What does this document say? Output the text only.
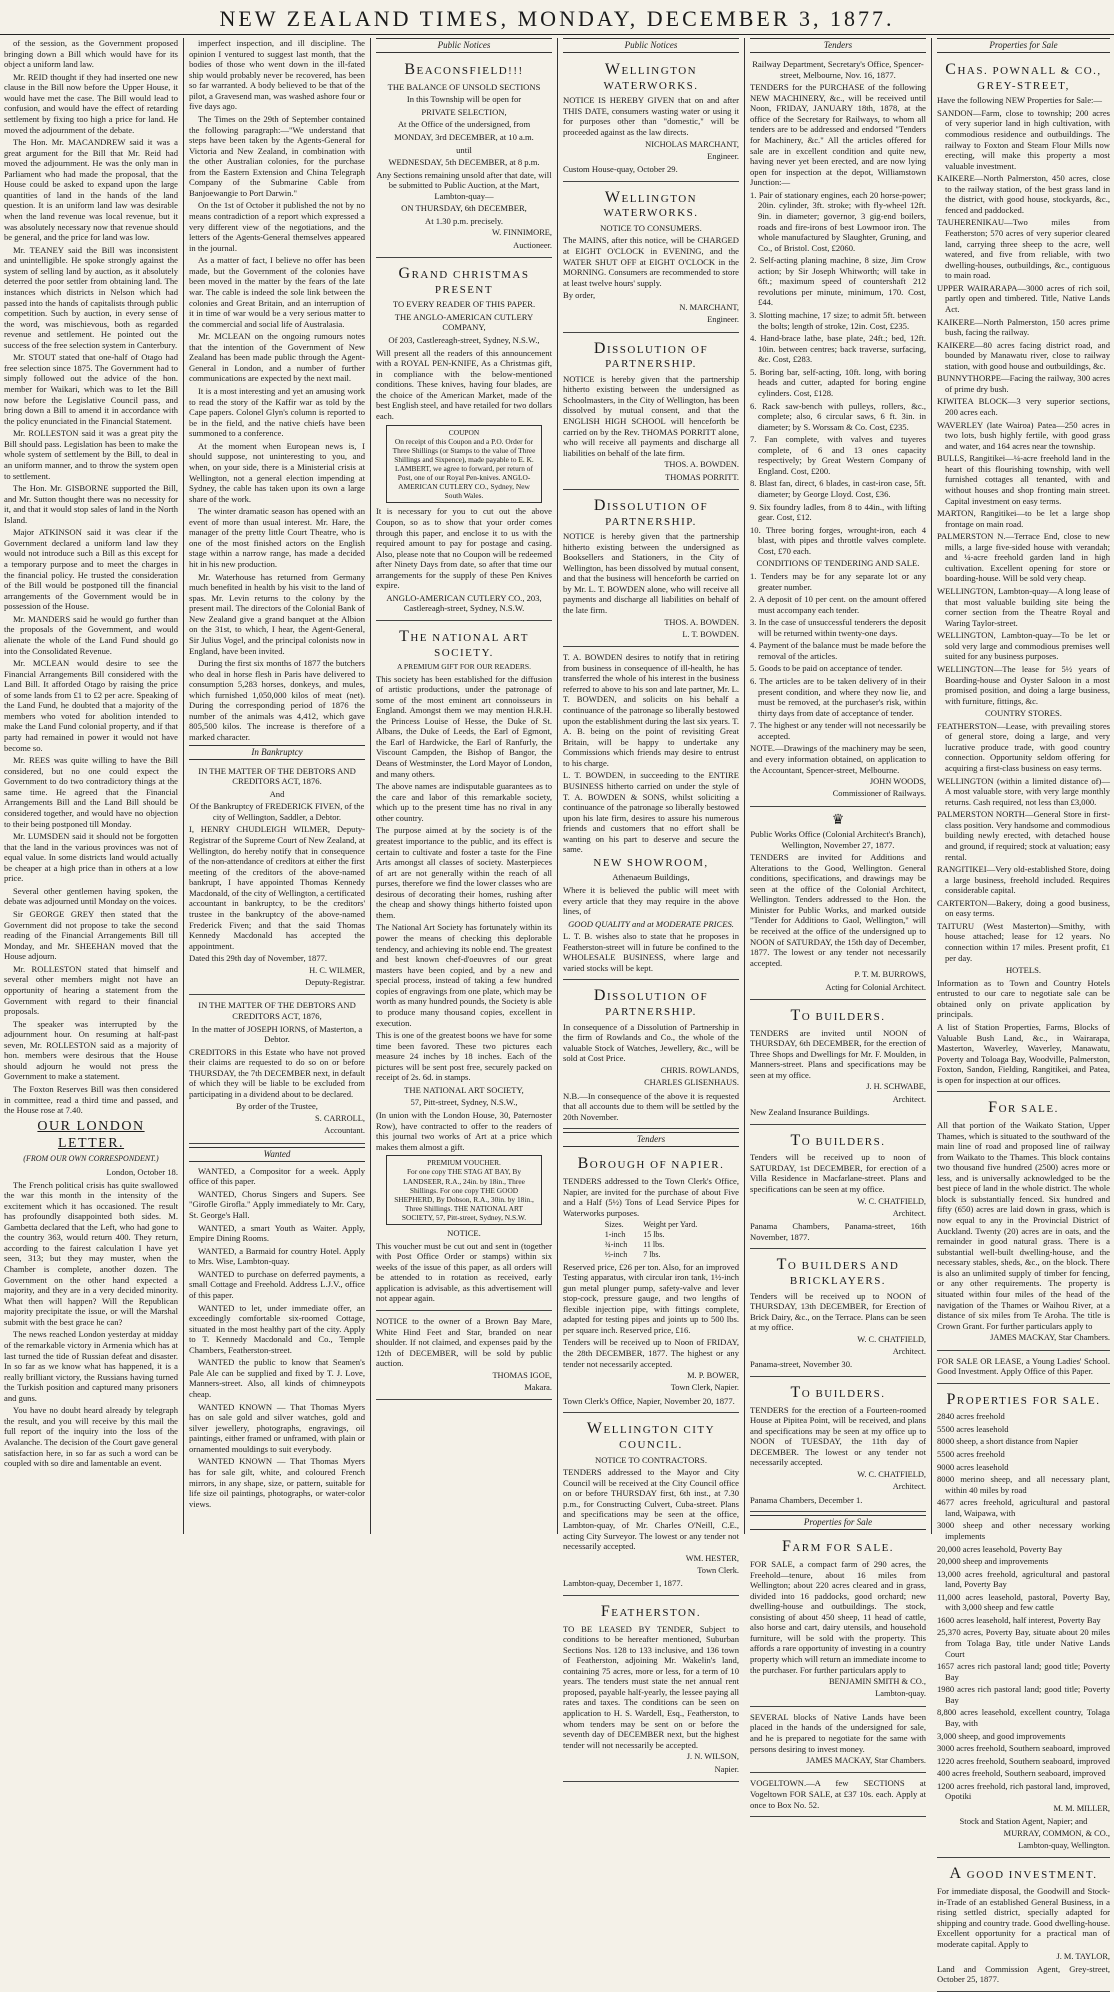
NEW ZEALAND TIMES, MONDAY, DECEMBER 3, 1877.

of the session, as the Government proposed bringing down a Bill which would have for its object a uniform land law.

Mr. REID thought if they had inserted one new clause in the Bill now before the Upper House, it would have met the case. The Bill would lead to confusion, and would have the effect of retarding settlement by fixing too high a price for land. He moved the adjournment of the debate.

The Hon. Mr. MACANDREW said it was a great argument for the Bill that Mr. Reid had moved the adjournment. He was the only man in Parliament who had made the proposal, that the House could be asked to expand upon the large quantities of land in the hands of the land question. It is an uniform land law was desirable when the land revenue was local revenue, but it was absolutely necessary now that revenue should be general, and the price for land was low.

Mr. TEANEY said the Bill was inconsistent and unintelligible. He spoke strongly against the system of selling land by auction, as it absolutely deterred the poor settler from obtaining land. The instances which districts in Nelson which had passed into the hands of capitalists through public competition. Such by auction, in every sense of the word, was mischievous, both as regarded revenue and settlement. He pointed out the success of the free selection system in Canterbury.

Mr. STOUT stated that one-half of Otago had free selection since 1875. The Government had to simply followed out the advice of the hon. member for Waikari, which was to let the Bill now before the Legislative Council pass, and bring down a Bill to amend it in accordance with the policy enunciated in the Financial Statement.

Mr. ROLLESTON said it was a great pity the Bill should pass. Legislation has been to make the whole system of settlement by the Bill, to deal in an uniform manner, and to throw the system open to settlement.

The Hon. Mr. GISBORNE supported the Bill, and Mr. Sutton thought there was no necessity for it, and that it would stop sales of land in the North Island.

Major ATKINSON said it was clear if the Government declared a uniform land law they would not introduce such a Bill as this except for a temporary purpose and to meet the charges in the financial policy. He trusted the consideration of the Bill would be postponed till the financial arrangements of the Government would be in possession of the House.

Mr. MANDERS said he would go further than the proposals of the Government, and would alienate the whole of the Land Fund should go into the Consolidated Revenue.

Mr. MCLEAN would desire to see the Financial Arrangements Bill considered with the Land Bill. It afforded Otago by raising the price of some lands from £1 to £2 per acre. Speaking of the Land Fund, he doubted that a majority of the members who voted for abolition intended to make the Land Fund colonial property, and if that party had remained in power it would not have become so.

Mr. REES was quite willing to have the Bill considered, but no one could expect the Government to do two contradictory things at the same time. He agreed that the Financial Arrangements Bill and the Land Bill should be considered together, and would have no objection to their being postponed till Monday.

Mr. LUMSDEN said it should not be forgotten that the land in the various provinces was not of equal value. In some districts land would actually be cheaper at a high price than in others at a low price.

Several other gentlemen having spoken, the debate was adjourned until Monday on the voices.

Sir GEORGE GREY then stated that the Government did not propose to take the second reading of the Financial Arrangements Bill till Monday, and Mr. SHEEHAN moved that the House adjourn.

Mr. ROLLESTON stated that himself and several other members might not have an opportunity of hearing a statement from the Government with regard to their financial proposals.

The speaker was interrupted by the adjournment hour. On resuming at half-past seven, Mr. ROLLESTON said as a majority of hon. members were desirous that the House should adjourn he would not press the Government to make a statement.

The Foxton Reserves Bill was then considered in committee, read a third time and passed, and the House rose at 7.40.

OUR LONDON LETTER.
(FROM OUR OWN CORRESPONDENT.)

London, October 18.

The French political crisis has quite swallowed the war this month in the intensity of the excitement which it has occasioned. The result has profoundly disappointed both sides. M. Gambetta declared that the Left, who had gone to the country 363, would return 400. They return, according to the fairest calculation I have yet seen, 313; but they may muster, when the Chamber is complete, another dozen. The Government on the other hand expected a majority, and they are in a very decided minority. What then will happen? Will the Republican majority precipitate the issue, or will the Marshal submit with the best grace he can?

The news reached London yesterday at midday of the remarkable victory in Armenia which has at last turned the tide of Russian defeat and disaster. In so far as we know what has happened, it is a really brilliant victory, the Russians having turned the Turkish position and captured many prisoners and guns.

You have no doubt heard already by telegraph the result, and you will receive by this mail the full report of the inquiry into the loss of the Avalanche. The decision of the Court gave general satisfaction here, in so far as such a word can be coupled with so dire and lamentable an event.

imperfect inspection, and ill discipline. The opinion I ventured to suggest last month, that the bodies of those who went down in the ill-fated ship would probably never be recovered, has been so far warranted. A body believed to be that of the pilot, a Gravesend man, was washed ashore four or five days ago.

The Times on the 29th of September contained the following paragraph:—"We understand that steps have been taken by the Agents-General for Victoria and New Zealand, in combination with the other Australian colonies, for the purchase from the Eastern Extension and China Telegraph Company of the Submarine Cable from Banjoewangie to Port Darwin."

On the 1st of October it published the not by no means contradiction of a report which expressed a very different view of the negotiations, and the letters of the Agents-General themselves appeared in the journal.

As a matter of fact, I believe no offer has been made, but the Government of the colonies have been moved in the matter by the fears of the late war. The cable is indeed the sole link between the colonies and Great Britain, and an interruption of it in time of war would be a very serious matter to the commercial and social life of Australasia.

Mr. MCLEAN on the ongoing rumours notes that the intention of the Government of New Zealand has been made public through the Agent-General in London, and a number of further communications are expected by the next mail.

It is a most interesting and yet an amusing work to read the story of the Kaffir war as told by the Cape papers. Colonel Glyn's column is reported to be in the field, and the native chiefs have been summoned to a conference.

At the moment when European news is, I should suppose, not uninteresting to you, and when, on your side, there is a Ministerial crisis at Wellington, not a general election impending at Sydney, the cable has taken upon its own a large share of the work.

The winter dramatic season has opened with an event of more than usual interest. Mr. Hare, the manager of the pretty little Court Theatre, who is one of the most finished actors on the English stage within a narrow range, has made a decided hit in his new production.

Mr. Waterhouse has returned from Germany much benefited in health by his visit to the land of spas. Mr. Levin returns to the colony by the present mail. The directors of the Colonial Bank of New Zealand give a grand banquet at the Albion on the 31st, to which, I hear, the Agent-General, Sir Julius Vogel, and the principal colonists now in England, have been invited.

During the first six months of 1877 the butchers who deal in horse flesh in Paris have delivered to consumption 5,283 horses, donkeys, and mules, which furnished 1,050,000 kilos of meat (net). During the corresponding period of 1876 the number of the animals was 4,412, which gave 805,500 kilos. The increase is therefore of a marked character.

In Bankruptcy

IN THE MATTER OF THE DEBTORS AND CREDITORS ACT, 1876.

And

Of the Bankruptcy of FREDERICK FIVEN, of the city of Wellington, Saddler, a Debtor.

I, HENRY CHUDLEIGH WILMER, Deputy-Registrar of the Supreme Court of New Zealand, at Wellington, do hereby notify that in consequence of the non-attendance of creditors at either the first meeting of the creditors of the above-named bankrupt, I have appointed Thomas Kennedy Macdonald, of the city of Wellington, a certificated accountant in bankruptcy, to be the creditors' trustee in the bankruptcy of the above-named Frederick Fiven; and that the said Thomas Kennedy Macdonald has accepted the appointment.

Dated this 29th day of November, 1877.

H. C. WILMER,

Deputy-Registrar.

IN THE MATTER OF THE DEBTORS AND CREDITORS ACT, 1876,

In the matter of JOSEPH IORNS, of Masterton, a Debtor.

CREDITORS in this Estate who have not proved their claims are requested to do so on or before THURSDAY, the 7th DECEMBER next, in default of which they will be liable to be excluded from participating in a dividend about to be declared.

By order of the Trustee,

S. CARROLL,

Accountant.

Wanted

WANTED, a Compositor for a week. Apply office of this paper.

WANTED, Chorus Singers and Supers. See "Girofle Girofla." Apply immediately to Mr. Cary, St. George's Hall.

WANTED, a smart Youth as Waiter. Apply, Empire Dining Rooms.

WANTED, a Barmaid for country Hotel. Apply to Mrs. Wise, Lambton-quay.

WANTED to purchase on deferred payments, a small Cottage and Freehold. Address L.J.V., office of this paper.

WANTED to let, under immediate offer, an exceedingly comfortable six-roomed Cottage, situated in the most healthy part of the city. Apply to T. Kennedy Macdonald and Co., Temple Chambers, Featherston-street.

WANTED the public to know that Seamen's Pale Ale can be supplied and fixed by T. J. Love, Manners-street. Also, all kinds of chimneypots cheap.

WANTED KNOWN — That Thomas Myers has on sale gold and silver watches, gold and silver jewellery, photographs, engravings, oil paintings, either framed or unframed, with plain or ornamented mouldings to suit everybody.

WANTED KNOWN — That Thomas Myers has for sale gilt, white, and coloured French mirrors, in any shape, size, or pattern, suitable for life size oil paintings, photographs, or water-color views.

Public Notices
BEACONSFIELD!!!

THE BALANCE OF UNSOLD SECTIONS

In this Township will be open for

PRIVATE SELECTION,

At the Office of the undersigned, from

MONDAY, 3rd DECEMBER, at 10 a.m.

until

WEDNESDAY, 5th DECEMBER, at 8 p.m.

Any Sections remaining unsold after that date, will be submitted to Public Auction, at the Mart, Lambton-quay—

ON THURSDAY, 6th DECEMBER,

At 1.30 p.m. precisely.

W. FINNIMORE,

Auctioneer.

GRAND CHRISTMAS PRESENT

TO EVERY READER OF THIS PAPER.

THE ANGLO-AMERICAN CUTLERY COMPANY,

Of 203, Castlereagh-street, Sydney, N.S.W.,

Will present all the readers of this announcement with a ROYAL PEN-KNIFE, As a Christmas gift, in compliance with the below-mentioned conditions. These knives, having four blades, are the choice of the American Market, made of the best English steel, and have retailed for two dollars each.

COUPON
On receipt of this Coupon and a P.O. Order for Three Shillings (or Stamps to the value of Three Shillings and Sixpence), made payable to E. K. LAMBERT, we agree to forward, per return of Post, one of our Royal Pen-knives. ANGLO-AMERICAN CUTLERY CO., Sydney, New South Wales.

It is necessary for you to cut out the above Coupon, so as to show that your order comes through this paper, and enclose it to us with the required amount to pay for postage and casing. Also, please note that no Coupon will be redeemed after Ninety Days from date, so after that time our arrangements for the supply of these Pen Knives expire.

ANGLO-AMERICAN CUTLERY CO., 203, Castlereagh-street, Sydney, N.S.W.

THE NATIONAL ART SOCIETY.

A PREMIUM GIFT FOR OUR READERS.

This society has been established for the diffusion of artistic productions, under the patronage of some of the most eminent art connoisseurs in England. Amongst them we may mention H.R.H. the Princess Louise of Hesse, the Duke of St. Albans, the Duke of Leeds, the Earl of Egmont, the Earl of Hardwicke, the Earl of Ranfurly, the Viscount Campden, the Bishop of Bangor, the Deans of Westminster, the Lord Mayor of London, and many others.

The above names are indisputable guarantees as to the care and labor of this remarkable society, which up to the present time has no rival in any other country.

The purpose aimed at by the society is of the greatest importance to the public, and its effect is certain to cultivate and foster a taste for the Fine Arts amongst all classes of society. Masterpieces of art are not generally within the reach of all purses, therefore we find the lower classes who are desirous of decorating their homes, rushing after the cheap and showy things hitherto foisted upon them.

The National Art Society has fortunately within its power the means of checking this deplorable tendency, and achieving its noble end. The greatest and best known chef-d'oeuvres of our great masters have been copied, and by a new and special process, instead of taking a few hundred copies of engravings from one plate, which may be worth as many hundred pounds, the Society is able to produce many thousand copies, excellent in execution.

This is one of the greatest boons we have for some time been favored. These two pictures each measure 24 inches by 18 inches. Each of the pictures will be sent post free, securely packed on receipt of 2s. 6d. in stamps.

THE NATIONAL ART SOCIETY,

57, Pitt-street, Sydney, N.S.W.,

(In union with the London House, 30, Paternoster Row), have contracted to offer to the readers of this journal two works of Art at a price which makes them almost a gift.

PREMIUM VOUCHER.
For one copy THE STAG AT BAY, By LANDSEER, R.A., 24in. by 18in., Three Shillings. For one copy THE GOOD SHEPHERD, By Dobson, R.A., 30in. by 18in., Three Shillings. THE NATIONAL ART SOCIETY, 57, Pitt-street, Sydney, N.S.W.

NOTICE.

This voucher must be cut out and sent in (together with Post Office Order or stamps) within six weeks of the issue of this paper, as all orders will be attended to in rotation as received, early application is advisable, as this advertisement will not appear again.

NOTICE to the owner of a Brown Bay Mare, White Hind Feet and Star, branded on near shoulder. If not claimed, and expenses paid by the 12th of DECEMBER, will be sold by public auction.

THOMAS IGOE,

Makara.

Public Notices
WELLINGTON WATERWORKS.

NOTICE IS HEREBY GIVEN that on and after THIS DATE, consumers wasting water or using it for purposes other than "domestic," will be proceeded against as the law directs.

NICHOLAS MARCHANT,

Engineer.

Custom House-quay, October 29.

WELLINGTON WATERWORKS.

NOTICE TO CONSUMERS.

The MAINS, after this notice, will be CHARGED at EIGHT O'CLOCK in EVENING, and the WATER SHUT OFF at EIGHT O'CLOCK in the MORNING. Consumers are recommended to store at least twelve hours' supply.

By order,

N. MARCHANT,

Engineer.

DISSOLUTION OF PARTNERSHIP.

NOTICE is hereby given that the partnership hitherto existing between the undersigned as Schoolmasters, in the City of Wellington, has been dissolved by mutual consent, and that the ENGLISH HIGH SCHOOL will henceforth be carried on by the Rev. THOMAS PORRITT alone, who will receive all payments and discharge all liabilities on behalf of the late firm.

THOS. A. BOWDEN.

THOMAS PORRITT.

DISSOLUTION OF PARTNERSHIP.

NOTICE is hereby given that the partnership hitherto existing between the undersigned as Booksellers and Stationers, in the City of Wellington, has been dissolved by mutual consent, and that the business will henceforth be carried on by Mr. L. T. BOWDEN alone, who will receive all payments and discharge all liabilities on behalf of the late firm.

THOS. A. BOWDEN.

L. T. BOWDEN.

T. A. BOWDEN desires to notify that in retiring from business in consequence of ill-health, he has transferred the whole of his interest in the business referred to above to his son and late partner, Mr. L. T. BOWDEN, and solicits on his behalf a continuance of the patronage so liberally bestowed upon the establishment during the last six years. T. A. B. being on the point of revisiting Great Britain, will be happy to undertake any Commissions which friends may desire to entrust to his charge.

L. T. BOWDEN, in succeeding to the ENTIRE BUSINESS hitherto carried on under the style of T. A. BOWDEN & SONS, whilst soliciting a continuance of the patronage so liberally bestowed upon his late firm, desires to assure his numerous friends and customers that no effort shall be wanting on his part to deserve and secure the same.

NEW SHOWROOM,

Athenaeum Buildings,

Where it is believed the public will meet with every article that they may require in the above lines, of

GOOD QUALITY and at MODERATE PRICES.

L. T. B. wishes also to state that he proposes in Featherston-street will in future be confined to the WHOLESALE BUSINESS, where large and varied stocks will be kept.

DISSOLUTION OF PARTNERSHIP.

In consequence of a Dissolution of Partnership in the firm of Rowlands and Co., the whole of the valuable Stock of Watches, Jewellery, &c., will be sold at Cost Price.

CHRIS. ROWLANDS,

CHARLES GLISENHAUS.

N.B.—In consequence of the above it is requested that all accounts due to them will be settled by the 20th November.

Tenders
BOROUGH OF NAPIER.

TENDERS addressed to the Town Clerk's Office, Napier, are invited for the purchase of about Five and a Half (5½) Tons of Lead Service Pipes for Waterworks purposes.

Sizes.	Weight per Yard.
1-inch	15 lbs.
¾-inch	11 lbs.
½-inch	7 lbs.

Reserved price, £26 per ton. Also, for an improved Testing apparatus, with circular iron tank, 1½-inch gun metal plunger pump, safety-valve and lever stop-cock, pressure gauge, and two lengths of flexible injection pipe, with fittings complete, adapted for testing pipes and joints up to 500 lbs. per square inch. Reserved price, £16.

Tenders will be received up to Noon of FRIDAY, the 28th DECEMBER, 1877. The highest or any tender not necessarily accepted.

M. P. BOWER,

Town Clerk, Napier.

Town Clerk's Office, Napier, November 20, 1877.

WELLINGTON CITY COUNCIL.

NOTICE TO CONTRACTORS.

TENDERS addressed to the Mayor and City Council will be received at the City Council office on or before THURSDAY first, 6th inst., at 7.30 p.m., for Constructing Culvert, Cuba-street. Plans and specifications may be seen at the office, Lambton-quay, of Mr. Charles O'Neill, C.E., acting City Surveyor. The lowest or any tender not necessarily accepted.

WM. HESTER,

Town Clerk.

Lambton-quay, December 1, 1877.

FEATHERSTON.

TO BE LEASED BY TENDER, Subject to conditions to be hereafter mentioned, Suburban Sections Nos. 128 to 133 inclusive, and 136 town of Featherston, adjoining Mr. Wakelin's land, containing 75 acres, more or less, for a term of 10 years. The tenders must state the net annual rent proposed, payable half-yearly, the lessee paying all rates and taxes. The conditions can be seen on application to H. S. Wardell, Esq., Featherston, to whom tenders may be sent on or before the seventh day of DECEMBER next, but the highest tender will not necessarily be accepted.

J. N. WILSON,

Napier.

Tenders

Railway Department, Secretary's Office, Spencer-street, Melbourne, Nov. 16, 1877.

TENDERS for the PURCHASE of the following NEW MACHINERY, &c., will be received until Noon, FRIDAY, JANUARY 18th, 1878, at the office of the Secretary for Railways, to whom all tenders are to be addressed and endorsed "Tenders for Machinery, &c." All the articles offered for sale are in excellent condition and quite new, having never yet been erected, and are now lying open for inspection at the depot, Williamstown Junction:—

1. Pair of stationary engines, each 20 horse-power; 20in. cylinder, 3ft. stroke; with fly-wheel 12ft. 9in. in diameter; governor, 3 gig-end boilers, roads and fire-irons of best Lowmoor iron. The whole manufactured by Slaughter, Gruning, and Co., of Bristol. Cost, £2060.

2. Self-acting planing machine, 8 size, Jim Crow action; by Sir Joseph Whitworth; will take in 6ft.; maximum speed of countershaft 212 revolutions per minute, minimum, 170. Cost, £44.

3. Slotting machine, 17 size; to admit 5ft. between the bolts; length of stroke, 12in. Cost, £235.

4. Hand-brace lathe, base plate, 24ft.; bed, 12ft. 10in. between centres; back traverse, surfacing, &c. Cost, £283.

5. Boring bar, self-acting, 10ft. long, with boring heads and cutter, adapted for boring engine cylinders. Cost, £128.

6. Rack saw-bench with pulleys, rollers, &c., complete; also, 6 circular saws, 6 ft. 3in. in diameter; by S. Worssam & Co. Cost, £235.

7. Fan complete, with valves and tuyeres complete, of 6 and 13 ones capacity respectively; by Great Western Company of England. Cost, £200.

8. Blast fan, direct, 6 blades, in cast-iron case, 5ft. diameter; by George Lloyd. Cost, £36.

9. Six foundry ladles, from 8 to 44in., with lifting gear. Cost, £12.

10. Three boring forges, wrought-iron, each 4 blast, with pipes and throttle valves complete. Cost, £70 each.

CONDITIONS OF TENDERING AND SALE.

1. Tenders may be for any separate lot or any greater number.

2. A deposit of 10 per cent. on the amount offered must accompany each tender.

3. In the case of unsuccessful tenderers the deposit will be returned within twenty-one days.

4. Payment of the balance must be made before the removal of the articles.

5. Goods to be paid on acceptance of tender.

6. The articles are to be taken delivery of in their present condition, and where they now lie, and must be removed, at the purchaser's risk, within thirty days from date of acceptance of tender.

7. The highest or any tender will not necessarily be accepted.

NOTE.—Drawings of the machinery may be seen, and every information obtained, on application to the Accountant, Spencer-street, Melbourne.

JOHN WOODS,

Commissioner of Railways.

♛

Public Works Office (Colonial Architect's Branch), Wellington, November 27, 1877.

TENDERS are invited for Additions and Alterations to the Good, Wellington. General conditions, specifications, and drawings may be seen at the office of the Colonial Architect, Wellington. Tenders addressed to the Hon. the Minister for Public Works, and marked outside "Tender for Additions to Gaol, Wellington," will be received at the office of the undersigned up to NOON of SATURDAY, the 15th day of December, 1877. The lowest or any tender not necessarily accepted.

P. T. M. BURROWS,

Acting for Colonial Architect.

TO BUILDERS.

TENDERS are invited until NOON of THURSDAY, 6th DECEMBER, for the erection of Three Shops and Dwellings for Mr. F. Moulden, in Manners-street. Plans and specifications may be seen at my office.

J. H. SCHWABE,

Architect.

New Zealand Insurance Buildings.

TO BUILDERS.

Tenders will be received up to noon of SATURDAY, 1st DECEMBER, for erection of a Villa Residence in Macfarlane-street. Plans and specifications can be seen at my office.

W. C. CHATFIELD,

Architect.

Panama Chambers, Panama-street, 16th November, 1877.

TO BUILDERS AND BRICKLAYERS.

Tenders will be received up to NOON of THURSDAY, 13th DECEMBER, for Erection of Brick Dairy, &c., on the Terrace. Plans can be seen at my office.

W. C. CHATFIELD,

Architect.

Panama-street, November 30.

TO BUILDERS.

TENDERS for the erection of a Fourteen-roomed House at Pipitea Point, will be received, and plans and specifications may be seen at my office up to NOON of TUESDAY, the 11th day of DECEMBER. The lowest or any tender not necessarily accepted.

W. C. CHATFIELD,

Architect.

Panama Chambers, December 1.

Properties for Sale
FARM FOR SALE.

FOR SALE, a compact farm of 290 acres, the Freehold—tenure, about 16 miles from Wellington; about 220 acres cleared and in grass, divided into 16 paddocks, good orchard; new dwelling-house and outbuildings. The stock, consisting of about 450 sheep, 11 head of cattle, also horse and cart, dairy utensils, and household furniture, will be sold with the property. This affords a rare opportunity of investing in a country property which will return an immediate income to the purchaser. For further particulars apply to

BENJAMIN SMITH & CO.,

Lambton-quay.

SEVERAL blocks of Native Lands have been placed in the hands of the undersigned for sale, and he is prepared to negotiate for the same with persons desiring to invest money.

JAMES MACKAY, Star Chambers.

VOGELTOWN.—A few SECTIONS at Vogeltown FOR SALE, at £37 10s. each. Apply at once to Box No. 52.

Properties for Sale
CHAS. POWNALL & CO., GREY-STREET,

Have the following NEW Properties for Sale:—

SANDON—Farm, close to township; 200 acres of very superior land in high cultivation, with commodious residence and outbuildings. The railway to Foxton and Steam Flour Mills now erecting, will make this property a most valuable investment.

KAIKERE—North Palmerston, 450 acres, close to the railway station, of the best grass land in the district, with good house, stockyards, &c., fenced and paddocked.

TAUHERENIKAU—Two miles from Featherston; 570 acres of very superior cleared land, carrying three sheep to the acre, well watered, and five from reliable, with two dwelling-houses, outbuildings, &c., contiguous to main road.

UPPER WAIRARAPA—3000 acres of rich soil, partly open and timbered. Title, Native Lands Act.

KAIKERE—North Palmerston, 150 acres prime bush, facing the railway.

KAIKERE—80 acres facing district road, and bounded by Manawatu river, close to railway station, with good house and outbuildings, &c.

BUNNYTHORPE—Facing the railway, 300 acres of prime dry bush.

KIWITEA BLOCK—3 very superior sections, 200 acres each.

WAVERLEY (late Wairoa) Patea—250 acres in two lots, bush highly fertile, with good grass and water, and 164 acres near the township.

BULLS, Rangitikei—¼-acre freehold land in the heart of this flourishing township, with well furnished cottages all tenanted, with and without houses and shop fronting main street. Capital investment on easy terms.

MARTON, Rangitikei—to be let a large shop frontage on main road.

PALMERSTON N.—Terrace End, close to new mills, a large five-sided house with verandah; and ¼-acre freehold garden land in high cultivation. Excellent opening for store or boarding-house. Will be sold very cheap.

WELLINGTON, Lambton-quay—A long lease of that most valuable building site being the corner section from the Theatre Royal and Waring Taylor-street.

WELLINGTON, Lambton-quay—To be let or sold very large and commodious premises well suited for any business purposes.

WELLINGTON—The lease for 5½ years of Boarding-house and Oyster Saloon in a most promised position, and doing a large business, with furniture, fittings, &c.

COUNTRY STORES.

FEATHERSTON—Lease, with prevailing stores of general store, doing a large, and very lucrative produce trade, with good country connection. Opportunity seldom offering for acquiring a first-class business on easy terms.

WELLINGTON (within a limited distance of)—A most valuable store, with very large monthly returns. Cash required, not less than £3,000.

PALMERSTON NORTH—General Store in first-class position. Very handsome and commodious building newly erected, with detached house and ground, if required; stock at valuation; easy rental.

RANGITIKEI—Very old-established Store, doing a large business, freehold included. Requires considerable capital.

CARTERTON—Bakery, doing a good business, on easy terms.

TAITURU (West Masterton)—Smithy, with house attached; lease for 12 years. No connection within 17 miles. Present profit, £1 per day.

HOTELS.

Information as to Town and Country Hotels entrusted to our care to negotiate sale can be obtained only on private application by principals.

A list of Station Properties, Farms, Blocks of Valuable Bush Land, &c., in Wairarapa, Masterton, Waverley, Waverley, Manawatu, Poverty and Toloaga Bay, Woodville, Palmerston, Foxton, Sandon, Fielding, Rangitikei, and Patea, is open for inspection at our offices.

FOR SALE.

All that portion of the Waikato Station, Upper Thames, which is situated to the southward of the main line of road and proposed line of railway from Waikato to the Thames. This block contains two thousand five hundred (2500) acres more or less, and is universally acknowledged to be the best piece of land in the whole district. The whole block is substantially fenced. Six hundred and fifty (650) acres are laid down in grass, which is now equal to any in the Provincial District of Auckland. Twenty (20) acres are in oats, and the remainder in good natural grass. There is a substantial well-built dwelling-house, and the necessary stables, sheds, &c., on the block. There is also an unlimited supply of timber for fencing, or any other requirements. The property is situated within four miles of the head of the navigation of the Thames or Waihou River, at a distance of six miles from Te Aroha. The title is Crown Grant. For further particulars apply to

JAMES MACKAY, Star Chambers.

FOR SALE OR LEASE, a Young Ladies' School. Good Investment. Apply Office of this Paper.

PROPERTIES FOR SALE.

2840 acres freehold

5500 acres leasehold

8000 sheep, a short distance from Napier

5500 acres freehold

9000 acres leasehold

8000 merino sheep, and all necessary plant, within 40 miles by road

4677 acres freehold, agricultural and pastoral land, Waipawa, with

3000 sheep and other necessary working implements

20,000 acres leasehold, Poverty Bay

20,000 sheep and improvements

13,000 acres freehold, agricultural and pastoral land, Poverty Bay

11,000 acres leasehold, pastoral, Poverty Bay, with 3,000 sheep and few cattle

1600 acres leasehold, half interest, Poverty Bay

25,370 acres, Poverty Bay, situate about 20 miles from Tolaga Bay, title under Native Lands Court

1657 acres rich pastoral land; good title; Poverty Bay

1980 acres rich pastoral land; good title; Poverty Bay

8,800 acres leasehold, excellent country, Tolaga Bay, with

3,000 sheep, and good improvements

3000 acres freehold, Southern seaboard, improved

1220 acres freehold, Southern seaboard, improved

400 acres freehold, Southern seaboard, improved

1200 acres freehold, rich pastoral land, improved, Opotiki

M. M. MILLER,

Stock and Station Agent, Napier; and

MURRAY, COMMON, & CO.,

Lambton-quay, Wellington.

A GOOD INVESTMENT.

For immediate disposal, the Goodwill and Stock-in-Trade of an established General Business, in a rising settled district, specially adapted for shipping and country trade. Good dwelling-house. Excellent opportunity for a practical man of moderate capital. Apply to

J. M. TAYLOR,

Land and Commission Agent, Grey-street, October 25, 1877.
